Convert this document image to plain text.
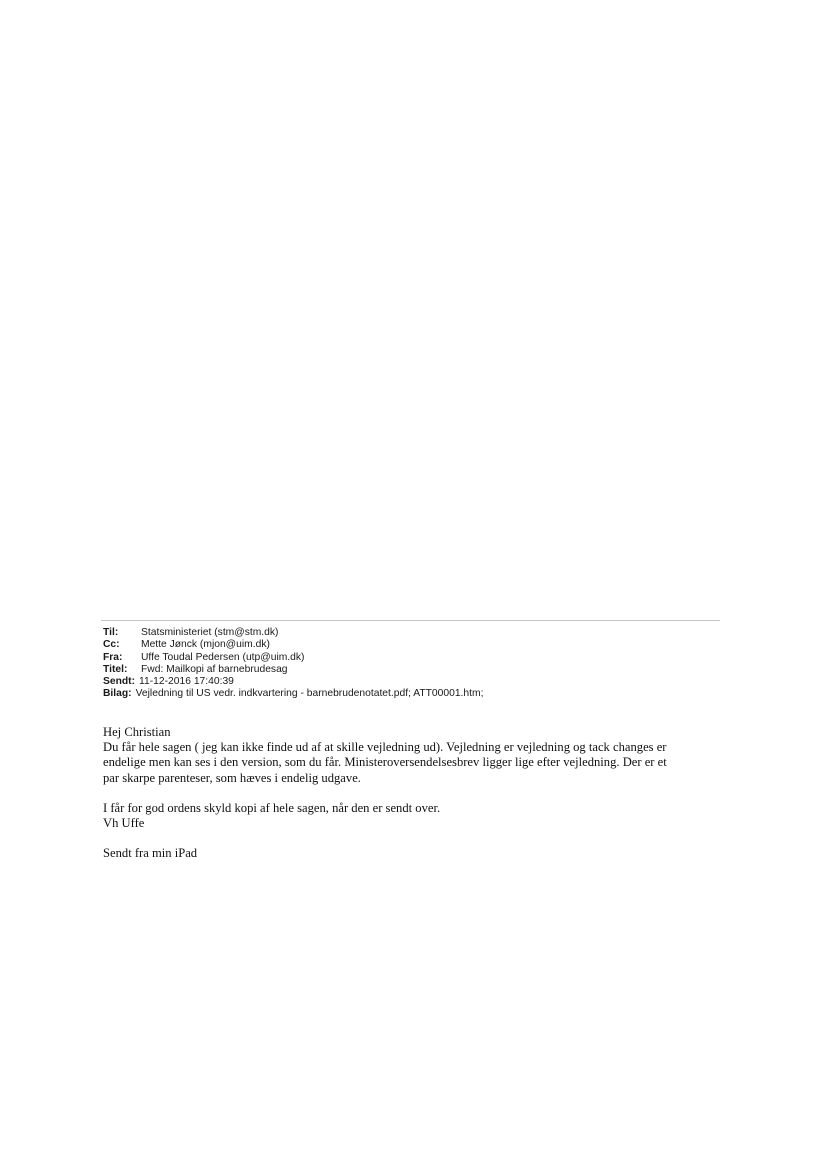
Til:	Statsministeriet (stm@stm.dk)
Cc:	Mette Jønck (mjon@uim.dk)
Fra:	Uffe Toudal Pedersen (utp@uim.dk)
Titel:	Fwd: Mailkopi af barnebrudesag
Sendt: 11-12-2016 17:40:39
Bilag: Vejledning til US vedr. indkvartering - barnebrudenotatet.pdf; ATT00001.htm;

Hej Christian

Du får hele sagen ( jeg kan ikke finde ud af at skille vejledning ud). Vejledning er vejledning og tack changes er

endelige men kan ses i den version, som du får. Ministeroversendelsesbrev ligger lige efter vejledning. Der er et

par skarpe parenteser, som hæves i endelig udgave.

I får for god ordens skyld kopi af hele sagen, når den er sendt over.

Vh Uffe

Sendt fra min iPad
